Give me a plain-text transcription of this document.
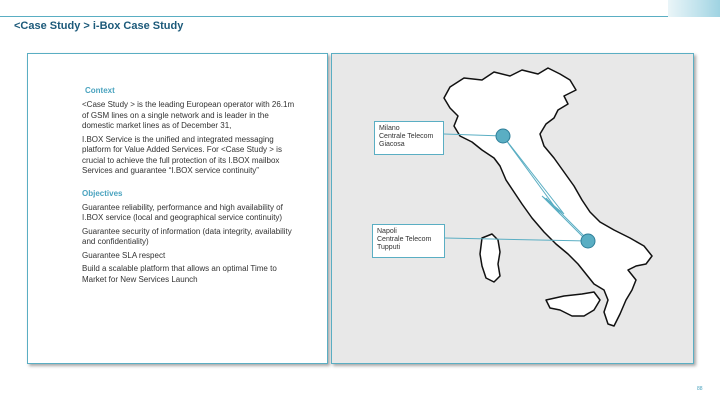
<Case Study > i-Box Case Study
Context

<Case Study > is the leading European operator with 26.1m of GSM lines on a single network and is leader in the domestic market lines as of December 31,

I.BOX Service is the unified and integrated messaging platform for Value Added Services. For <Case Study > is crucial to achieve the full protection of its I.BOX mailbox Services and guarantee “I.BOX service continuity”

Objectives

Guarantee reliability, performance and high availability of I.BOX service (local and geographical service continuity)

Guarantee security of information (data integrity, availability and confidentiality)

Guarantee SLA respect

Build a scalable platform that allows an optimal Time to Market for New Services Launch

Milano
Centrale Telecom
Giacosa
Napoli
Centrale Telecom
Tupputi
88
